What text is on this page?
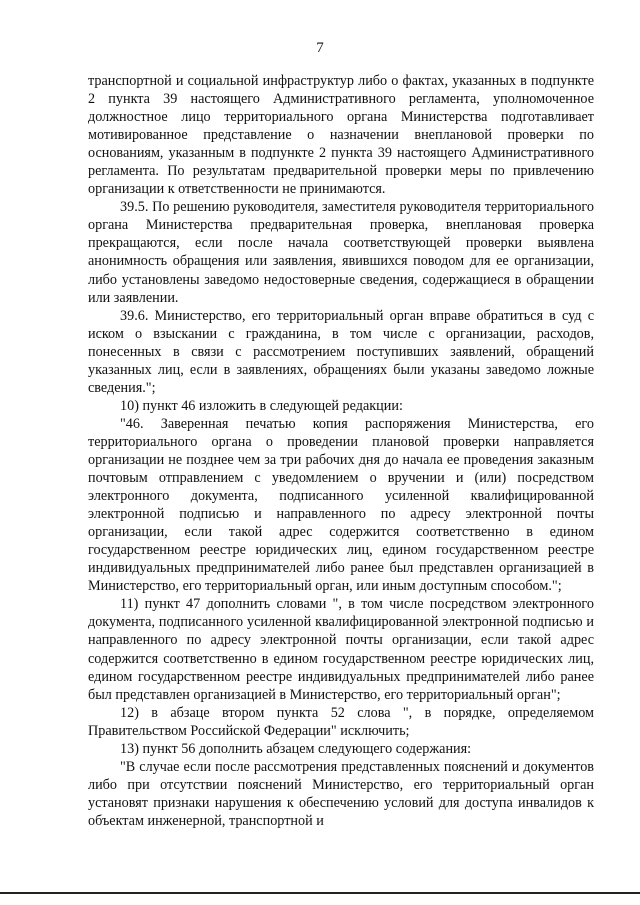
7

транспортной и социальной инфраструктур либо о фактах, указанных в подпункте 2 пункта 39 настоящего Административного регламента, уполномоченное должностное лицо территориального органа Министерства подготавливает мотивированное представление о назначении внеплановой проверки по основаниям, указанным в подпункте 2 пункта 39 настоящего Административного регламента. По результатам предварительной проверки меры по привлечению организации к ответственности не принимаются.

39.5. По решению руководителя, заместителя руководителя территориального органа Министерства предварительная проверка, внеплановая проверка прекращаются, если после начала соответствующей проверки выявлена анонимность обращения или заявления, явившихся поводом для ее организации, либо установлены заведомо недостоверные сведения, содержащиеся в обращении или заявлении.

39.6. Министерство, его территориальный орган вправе обратиться в суд с иском о взыскании с гражданина, в том числе с организации, расходов, понесенных в связи с рассмотрением поступивших заявлений, обращений указанных лиц, если в заявлениях, обращениях были указаны заведомо ложные сведения.";

10) пункт 46 изложить в следующей редакции:

"46. Заверенная печатью копия распоряжения Министерства, его территориального органа о проведении плановой проверки направляется организации не позднее чем за три рабочих дня до начала ее проведения заказным почтовым отправлением с уведомлением о вручении и (или) посредством электронного документа, подписанного усиленной квалифицированной электронной подписью и направленного по адресу электронной почты организации, если такой адрес содержится соответственно в едином государственном реестре юридических лиц, едином государственном реестре индивидуальных предпринимателей либо ранее был представлен организацией в Министерство, его территориальный орган, или иным доступным способом.";

11) пункт 47 дополнить словами ", в том числе посредством электронного документа, подписанного усиленной квалифицированной электронной подписью и направленного по адресу электронной почты организации, если такой адрес содержится соответственно в едином государственном реестре юридических лиц, едином государственном реестре индивидуальных предпринимателей либо ранее был представлен организацией в Министерство, его территориальный орган";

12) в абзаце втором пункта 52 слова ", в порядке, определяемом Правительством Российской Федерации" исключить;

13) пункт 56 дополнить абзацем следующего содержания:

"В случае если после рассмотрения представленных пояснений и документов либо при отсутствии пояснений Министерство, его территориальный орган установят признаки нарушения к обеспечению условий для доступа инвалидов к объектам инженерной, транспортной и
